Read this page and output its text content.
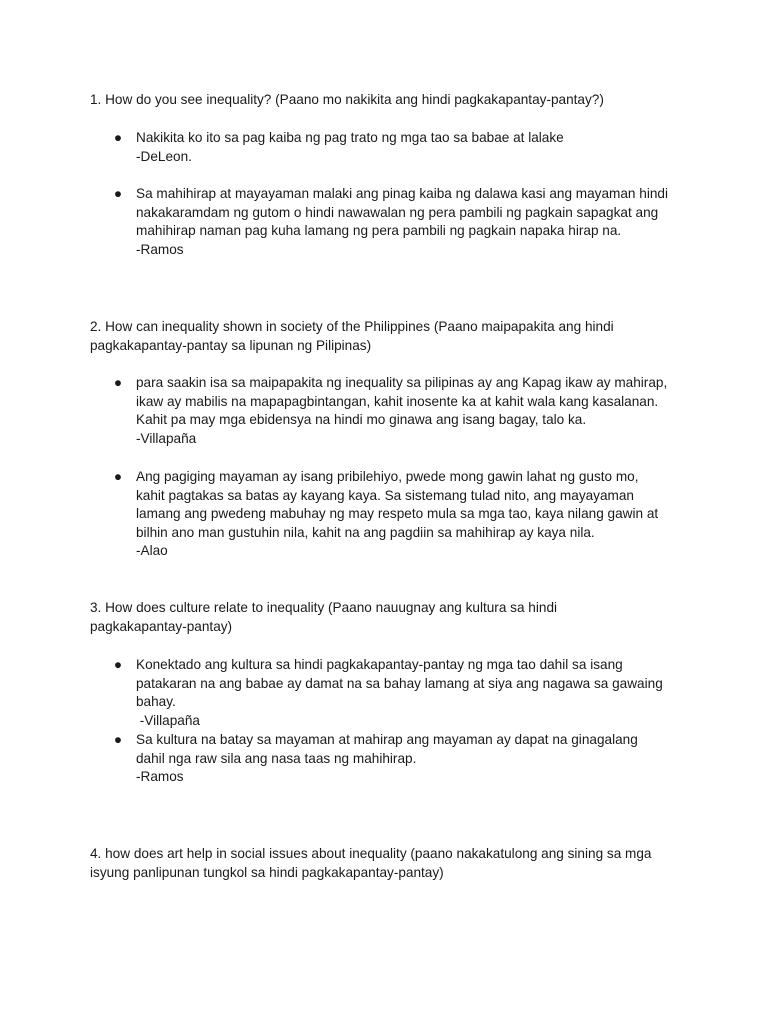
1. How do you see inequality? (Paano mo nakikita ang hindi pagkakapantay-pantay?)
● Nakikita ko ito sa pag kaiba ng pag trato ng mga tao sa babae at lalake
-DeLeon.
● Sa mahihirap at mayayaman malaki ang pinag kaiba ng dalawa kasi ang mayaman hindi
nakakaramdam ng gutom o hindi nawawalan ng pera pambili ng pagkain sapagkat ang
mahihirap naman pag kuha lamang ng pera pambili ng pagkain napaka hirap na.
-Ramos
2. How can inequality shown in society of the Philippines (Paano maipapakita ang hindi
pagkakapantay-pantay sa lipunan ng Pilipinas)
● para saakin isa sa maipapakita ng inequality sa pilipinas ay ang Kapag ikaw ay mahirap,
ikaw ay mabilis na mapapagbintangan, kahit inosente ka at kahit wala kang kasalanan.
Kahit pa may mga ebidensya na hindi mo ginawa ang isang bagay, talo ka.
-Villapaña
● Ang pagiging mayaman ay isang pribilehiyo, pwede mong gawin lahat ng gusto mo,
kahit pagtakas sa batas ay kayang kaya. Sa sistemang tulad nito, ang mayayaman
lamang ang pwedeng mabuhay ng may respeto mula sa mga tao, kaya nilang gawin at
bilhin ano man gustuhin nila, kahit na ang pagdiin sa mahihirap ay kaya nila.
-Alao
3. How does culture relate to inequality (Paano nauugnay ang kultura sa hindi
pagkakapantay-pantay)
● Konektado ang kultura sa hindi pagkakapantay-pantay ng mga tao dahil sa isang
patakaran na ang babae ay damat na sa bahay lamang at siya ang nagawa sa gawaing
bahay.
-Villapaña
● Sa kultura na batay sa mayaman at mahirap ang mayaman ay dapat na ginagalang
dahil nga raw sila ang nasa taas ng mahihirap.
-Ramos
4. how does art help in social issues about inequality (paano nakakatulong ang sining sa mga
isyung panlipunan tungkol sa hindi pagkakapantay-pantay)
